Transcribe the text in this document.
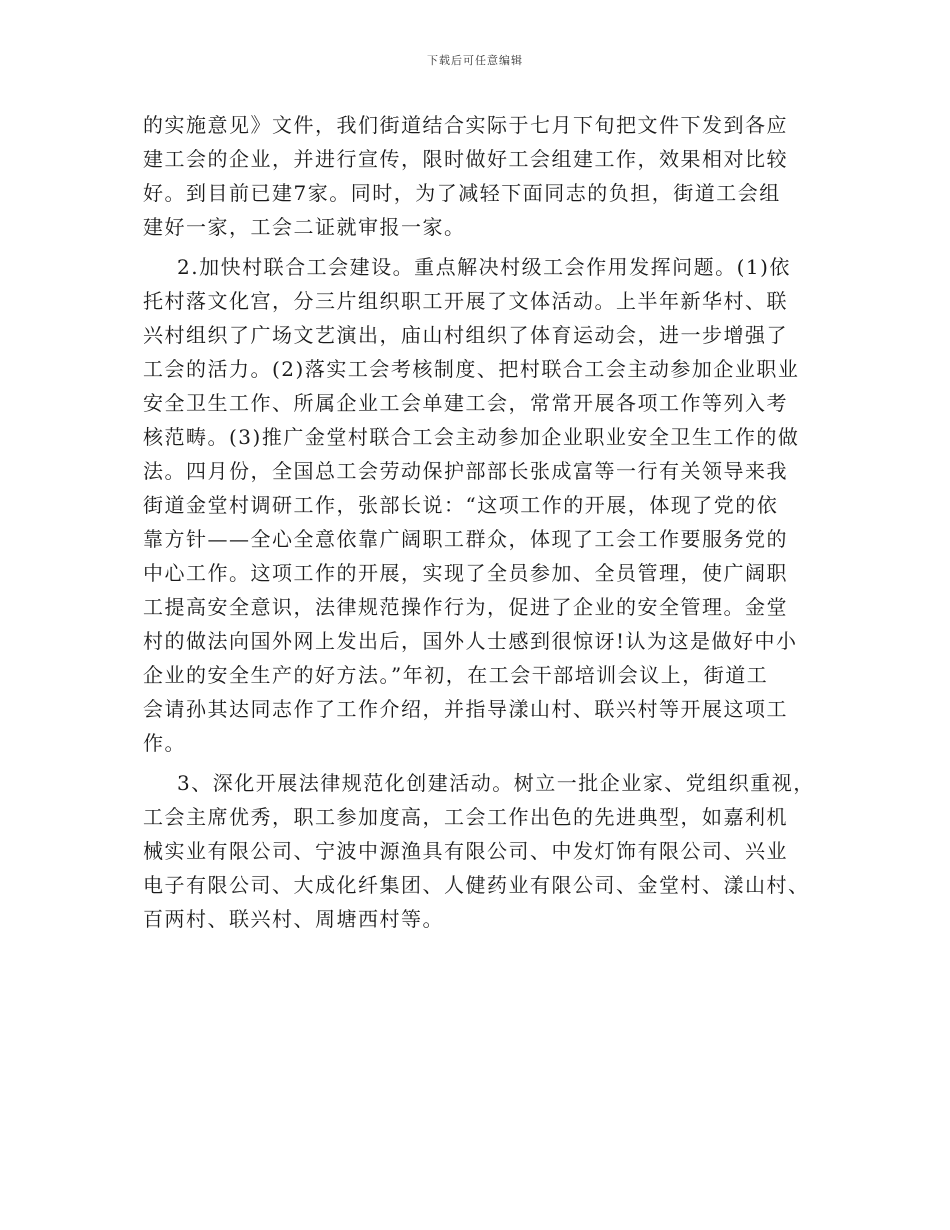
下载后可任意编辑
的实施意见》文件，我们街道结合实际于七月下旬把文件下发到各应
建工会的企业，并进行宣传，限时做好工会组建工作，效果相对比较
好。到目前已建7家。同时，为了减轻下面同志的负担，街道工会组
建好一家，工会二证就审报一家。
2.加快村联合工会建设。重点解决村级工会作用发挥问题。(1)依
托村落文化宫，分三片组织职工开展了文体活动。上半年新华村、联
兴村组织了广场文艺演出，庙山村组织了体育运动会，进一步增强了
工会的活力。(2)落实工会考核制度、把村联合工会主动参加企业职业
安全卫生工作、所属企业工会单建工会，常常开展各项工作等列入考
核范畴。(3)推广金堂村联合工会主动参加企业职业安全卫生工作的做
法。四月份，全国总工会劳动保护部部长张成富等一行有关领导来我
街道金堂村调研工作，张部长说：“这项工作的开展，体现了党的依
靠方针——全心全意依靠广阔职工群众，体现了工会工作要服务党的
中心工作。这项工作的开展，实现了全员参加、全员管理，使广阔职
工提高安全意识，法律规范操作行为，促进了企业的安全管理。金堂
村的做法向国外网上发出后，国外人士感到很惊讶!认为这是做好中小
企业的安全生产的好方法。”年初，在工会干部培训会议上，街道工
会请孙其达同志作了工作介绍，并指导漾山村、联兴村等开展这项工
作。
3、深化开展法律规范化创建活动。树立一批企业家、党组织重视，
工会主席优秀，职工参加度高，工会工作出色的先进典型，如嘉利机
械实业有限公司、宁波中源渔具有限公司、中发灯饰有限公司、兴业
电子有限公司、大成化纤集团、人健药业有限公司、金堂村、漾山村、
百两村、联兴村、周塘西村等。
